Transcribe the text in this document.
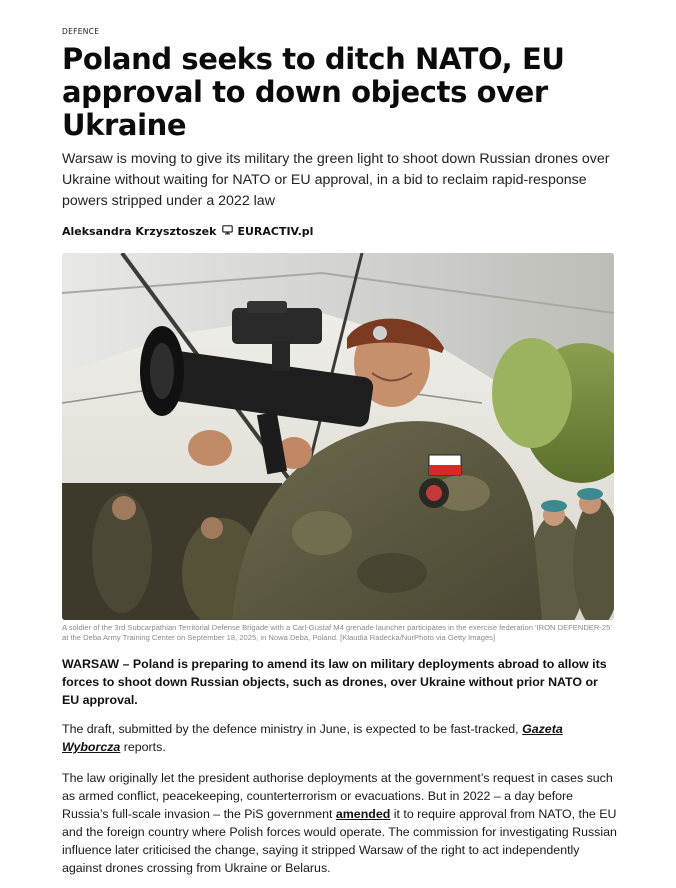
DEFENCE
Poland seeks to ditch NATO, EU approval to down objects over Ukraine

Warsaw is moving to give its military the green light to shoot down Russian drones over Ukraine without waiting for NATO or EU approval, in a bid to reclaim rapid-response powers stripped under a 2022 law

Aleksandra Krzysztoszek EURACTIV.pl

A soldier of the 3rd Subcarpathian Territorial Defense Brigade with a Carl-Gustaf M4 grenade launcher participates in the exercise federation 'IRON DEFENDER-25' at the Deba Army Training Center on September 18, 2025, in Nowa Deba, Poland. [Klaudia Radecka/NurPhoto via Getty Images]

WARSAW – Poland is preparing to amend its law on military deployments abroad to allow its forces to shoot down Russian objects, such as drones, over Ukraine without prior NATO or EU approval.

The draft, submitted by the defence ministry in June, is expected to be fast-tracked, Gazeta Wyborcza reports.

The law originally let the president authorise deployments at the government’s request in cases such as armed conflict, peacekeeping, counterterrorism or evacuations. But in 2022 – a day before Russia’s full-scale invasion – the PiS government amended it to require approval from NATO, the EU and the foreign country where Polish forces would operate. The commission for investigating Russian influence later criticised the change, saying it stripped Warsaw of the right to act independently against drones crossing from Ukraine or Belarus.
